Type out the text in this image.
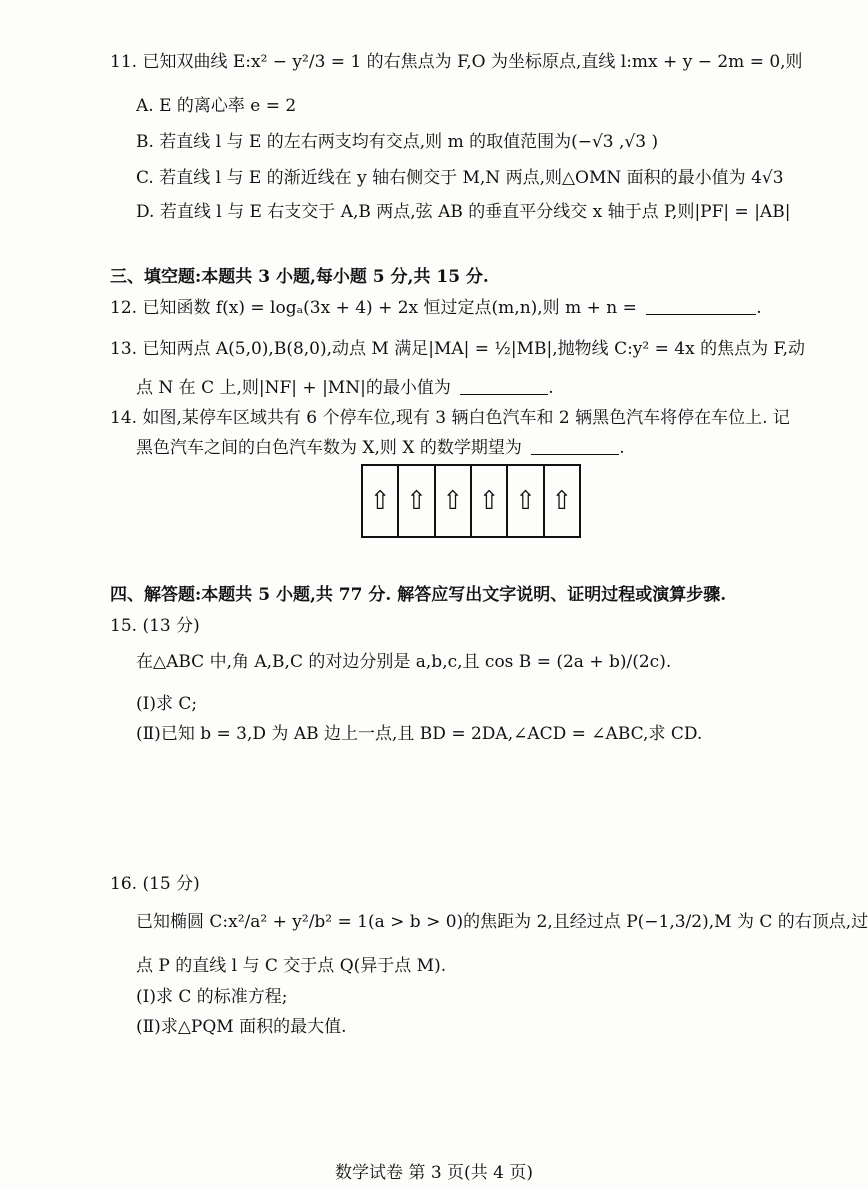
11. 已知双曲线 E:x² − y²/3 = 1 的右焦点为 F,O 为坐标原点,直线 l:mx + y − 2m = 0,则
A. E 的离心率 e = 2
B. 若直线 l 与 E 的左右两支均有交点,则 m 的取值范围为(−√3 ,√3 )
C. 若直线 l 与 E 的渐近线在 y 轴右侧交于 M,N 两点,则△OMN 面积的最小值为 4√3
D. 若直线 l 与 E 右支交于 A,B 两点,弦 AB 的垂直平分线交 x 轴于点 P,则|PF| = |AB|
三、填空题:本题共 3 小题,每小题 5 分,共 15 分.
12. 已知函数 f(x) = logₐ(3x + 4) + 2x 恒过定点(m,n),则 m + n =	.
13. 已知两点 A(5,0),B(8,0),动点 M 满足|MA| = ½|MB|,抛物线 C:y² = 4x 的焦点为 F,动
点 N 在 C 上,则|NF| + |MN|的最小值为	.
14. 如图,某停车区域共有 6 个停车位,现有 3 辆白色汽车和 2 辆黑色汽车将停在车位上. 记
黑色汽车之间的白色汽车数为 X,则 X 的数学期望为	.
⇧ ⇧ ⇧ ⇧ ⇧ ⇧
四、解答题:本题共 5 小题,共 77 分. 解答应写出文字说明、证明过程或演算步骤.
15. (13 分)
在△ABC 中,角 A,B,C 的对边分别是 a,b,c,且 cos B = (2a + b)/(2c).
(Ⅰ)求 C;
(Ⅱ)已知 b = 3,D 为 AB 边上一点,且 BD = 2DA,∠ACD = ∠ABC,求 CD.
16. (15 分)
已知椭圆 C:x²/a² + y²/b² = 1(a > b > 0)的焦距为 2,且经过点 P(−1,3/2),M 为 C 的右顶点,过
点 P 的直线 l 与 C 交于点 Q(异于点 M).
(Ⅰ)求 C 的标准方程;
(Ⅱ)求△PQM 面积的最大值.
数学试卷 第 3 页(共 4 页)
